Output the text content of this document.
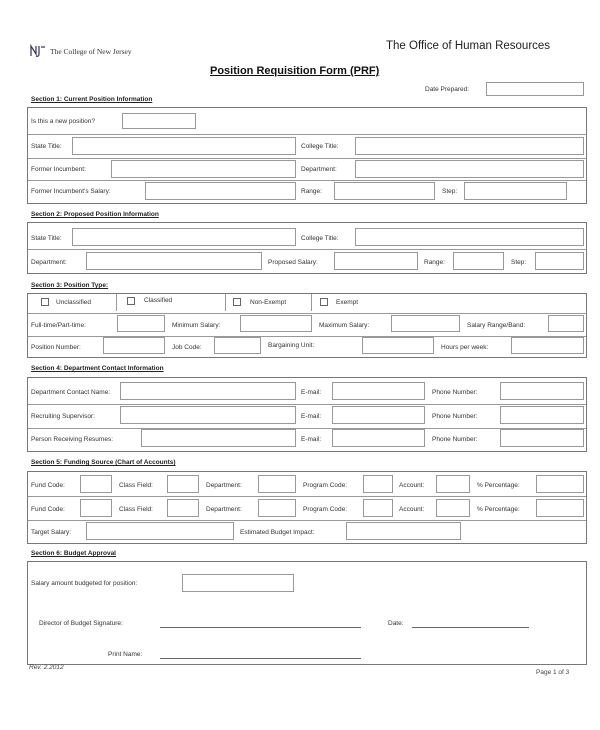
The College of New Jersey	The Office of Human Resources
Position Requisition Form (PRF)
Date Prepared:
Section 1: Current Position Information
Is this a new position?
State Title:	College Title:
Former Incumbent:	Department:
Former Incumbent's Salary:	Range:	Step:
Section 2: Proposed Position Information
State Title:	College Title:
Department:	Proposed Salary:	Range:	Step:
Section 3: Position Type:
Unclassified	Classified	Non-Exempt	Exempt
Full-time/Part-time:	Minimum Salary:	Maximum Salary:	Salary Range/Band:
Position Number:	Job Code:	Bargaining Unit:	Hours per week:
Section 4: Department Contact Information
Department Contact Name:	E-mail:	Phone Number:
Recruiting Supervisor:	E-mail:	Phone Number:
Person Receiving Resumes:	E-mail:	Phone Number:
Section 5: Funding Source (Chart of Accounts)
Fund Code:	Class Field:	Department:	Program Code:	Account:	% Percentage:
Fund Code:	Class Field:	Department:	Program Code:	Account:	% Percentage:
Target Salary:	Estimated Budget Impact:
Section 6: Budget Approval
Salary amount budgeted for position:
Director of Budget Signature:	Date:
Print Name:
Rev. 2.2012
Page 1 of 3
